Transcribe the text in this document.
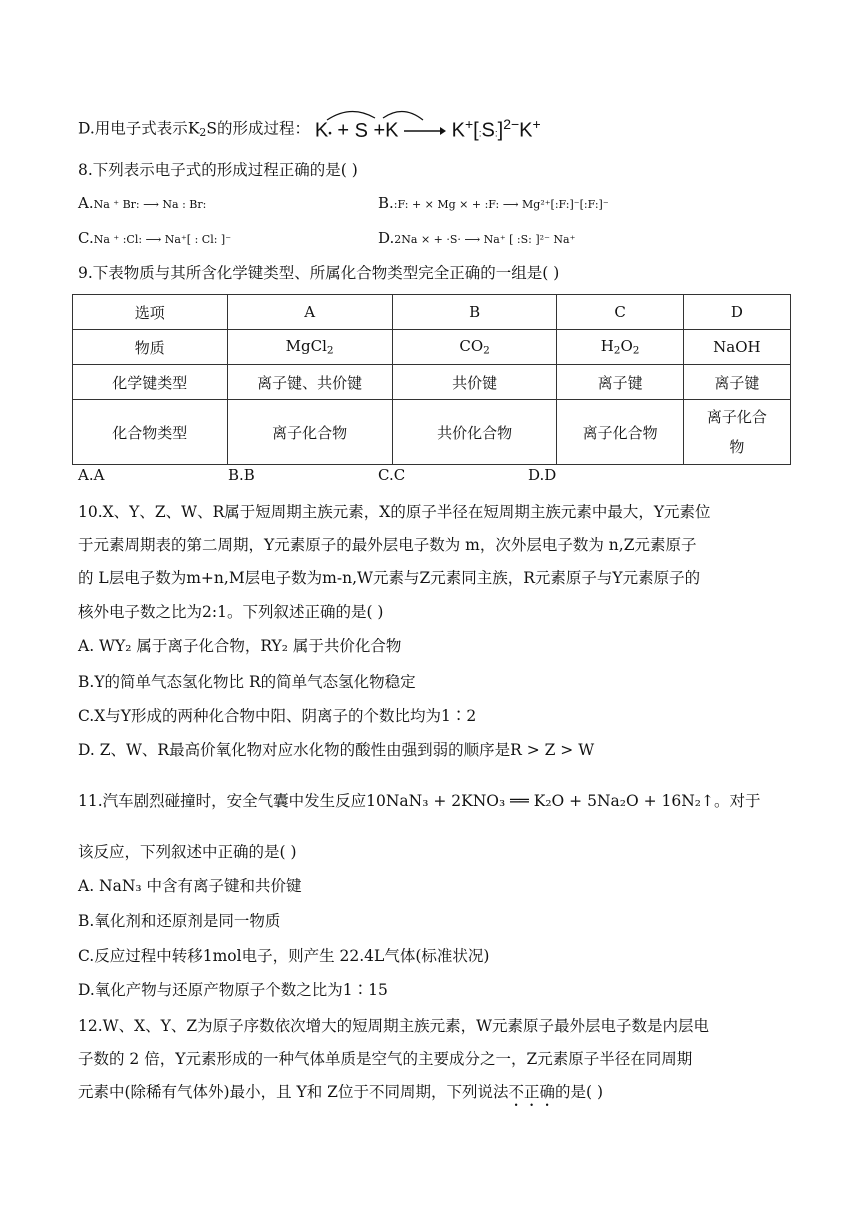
D.用电子式表示$K_2S$的形成过程： K• + S +K → K+[:S:]$^{2-}$K+
8.下列表示电子式的形成过程正确的是( )
A.Na ⁺ Br: ⟶ Na : Br:	B.:F: + × Mg × + :F: ⟶ Mg²⁺[:F:]⁻[:F:]⁻
C.Na ⁺ :Cl: ⟶ Na⁺[ : Cl: ]⁻	D.2Na × + ·S· ⟶ Na⁺ [ :S: ]²⁻ Na⁺
9.下表物质与其所含化学键类型、所属化合物类型完全正确的一组是( )
选项	A	B	C	D
物质	MgCl$_2$	$CO_2$	$H_2O_2$	NaOH
化学键类型	离子键、共价键	共价键	离子键	离子键
化合物类型	离子化合物	共价化合物	离子化合物	离子化合物
A.A	B.B	C.C	D.D
10.X、Y、Z、W、R属于短周期主族元素，X的原子半径在短周期主族元素中最大，Y元素位
于元素周期表的第二周期，Y元素原子的最外层电子数为 m，次外层电子数为 n,Z元素原子
的 L层电子数为m+n,M层电子数为m-n,W元素与Z元素同主族，R元素原子与Y元素原子的
核外电子数之比为2:1。下列叙述正确的是( )
A. WY₂ 属于离子化合物，RY₂ 属于共价化合物
B.Y的简单气态氢化物比 R的简单气态氢化物稳定
C.X与Y形成的两种化合物中阳、阴离子的个数比均为1∶2
D. Z、W、R最高价氧化物对应水化物的酸性由强到弱的顺序是R > Z > W
11.汽车剧烈碰撞时，安全气囊中发生反应10NaN₃ + 2KNO₃ ══ K₂O + 5Na₂O + 16N₂↑。对于
该反应，下列叙述中正确的是( )
A. NaN₃ 中含有离子键和共价键
B.氧化剂和还原剂是同一物质
C.反应过程中转移1mol电子，则产生 22.4L气体(标准状况)
D.氧化产物与还原产物原子个数之比为1∶15
12.W、X、Y、Z为原子序数依次增大的短周期主族元素，W元素原子最外层电子数是内层电
子数的 2 倍，Y元素形成的一种气体单质是空气的主要成分之一，Z元素原子半径在同周期
元素中(除稀有气体外)最小，且 Y和 Z位于不同周期，下列说法不正确的是( )
